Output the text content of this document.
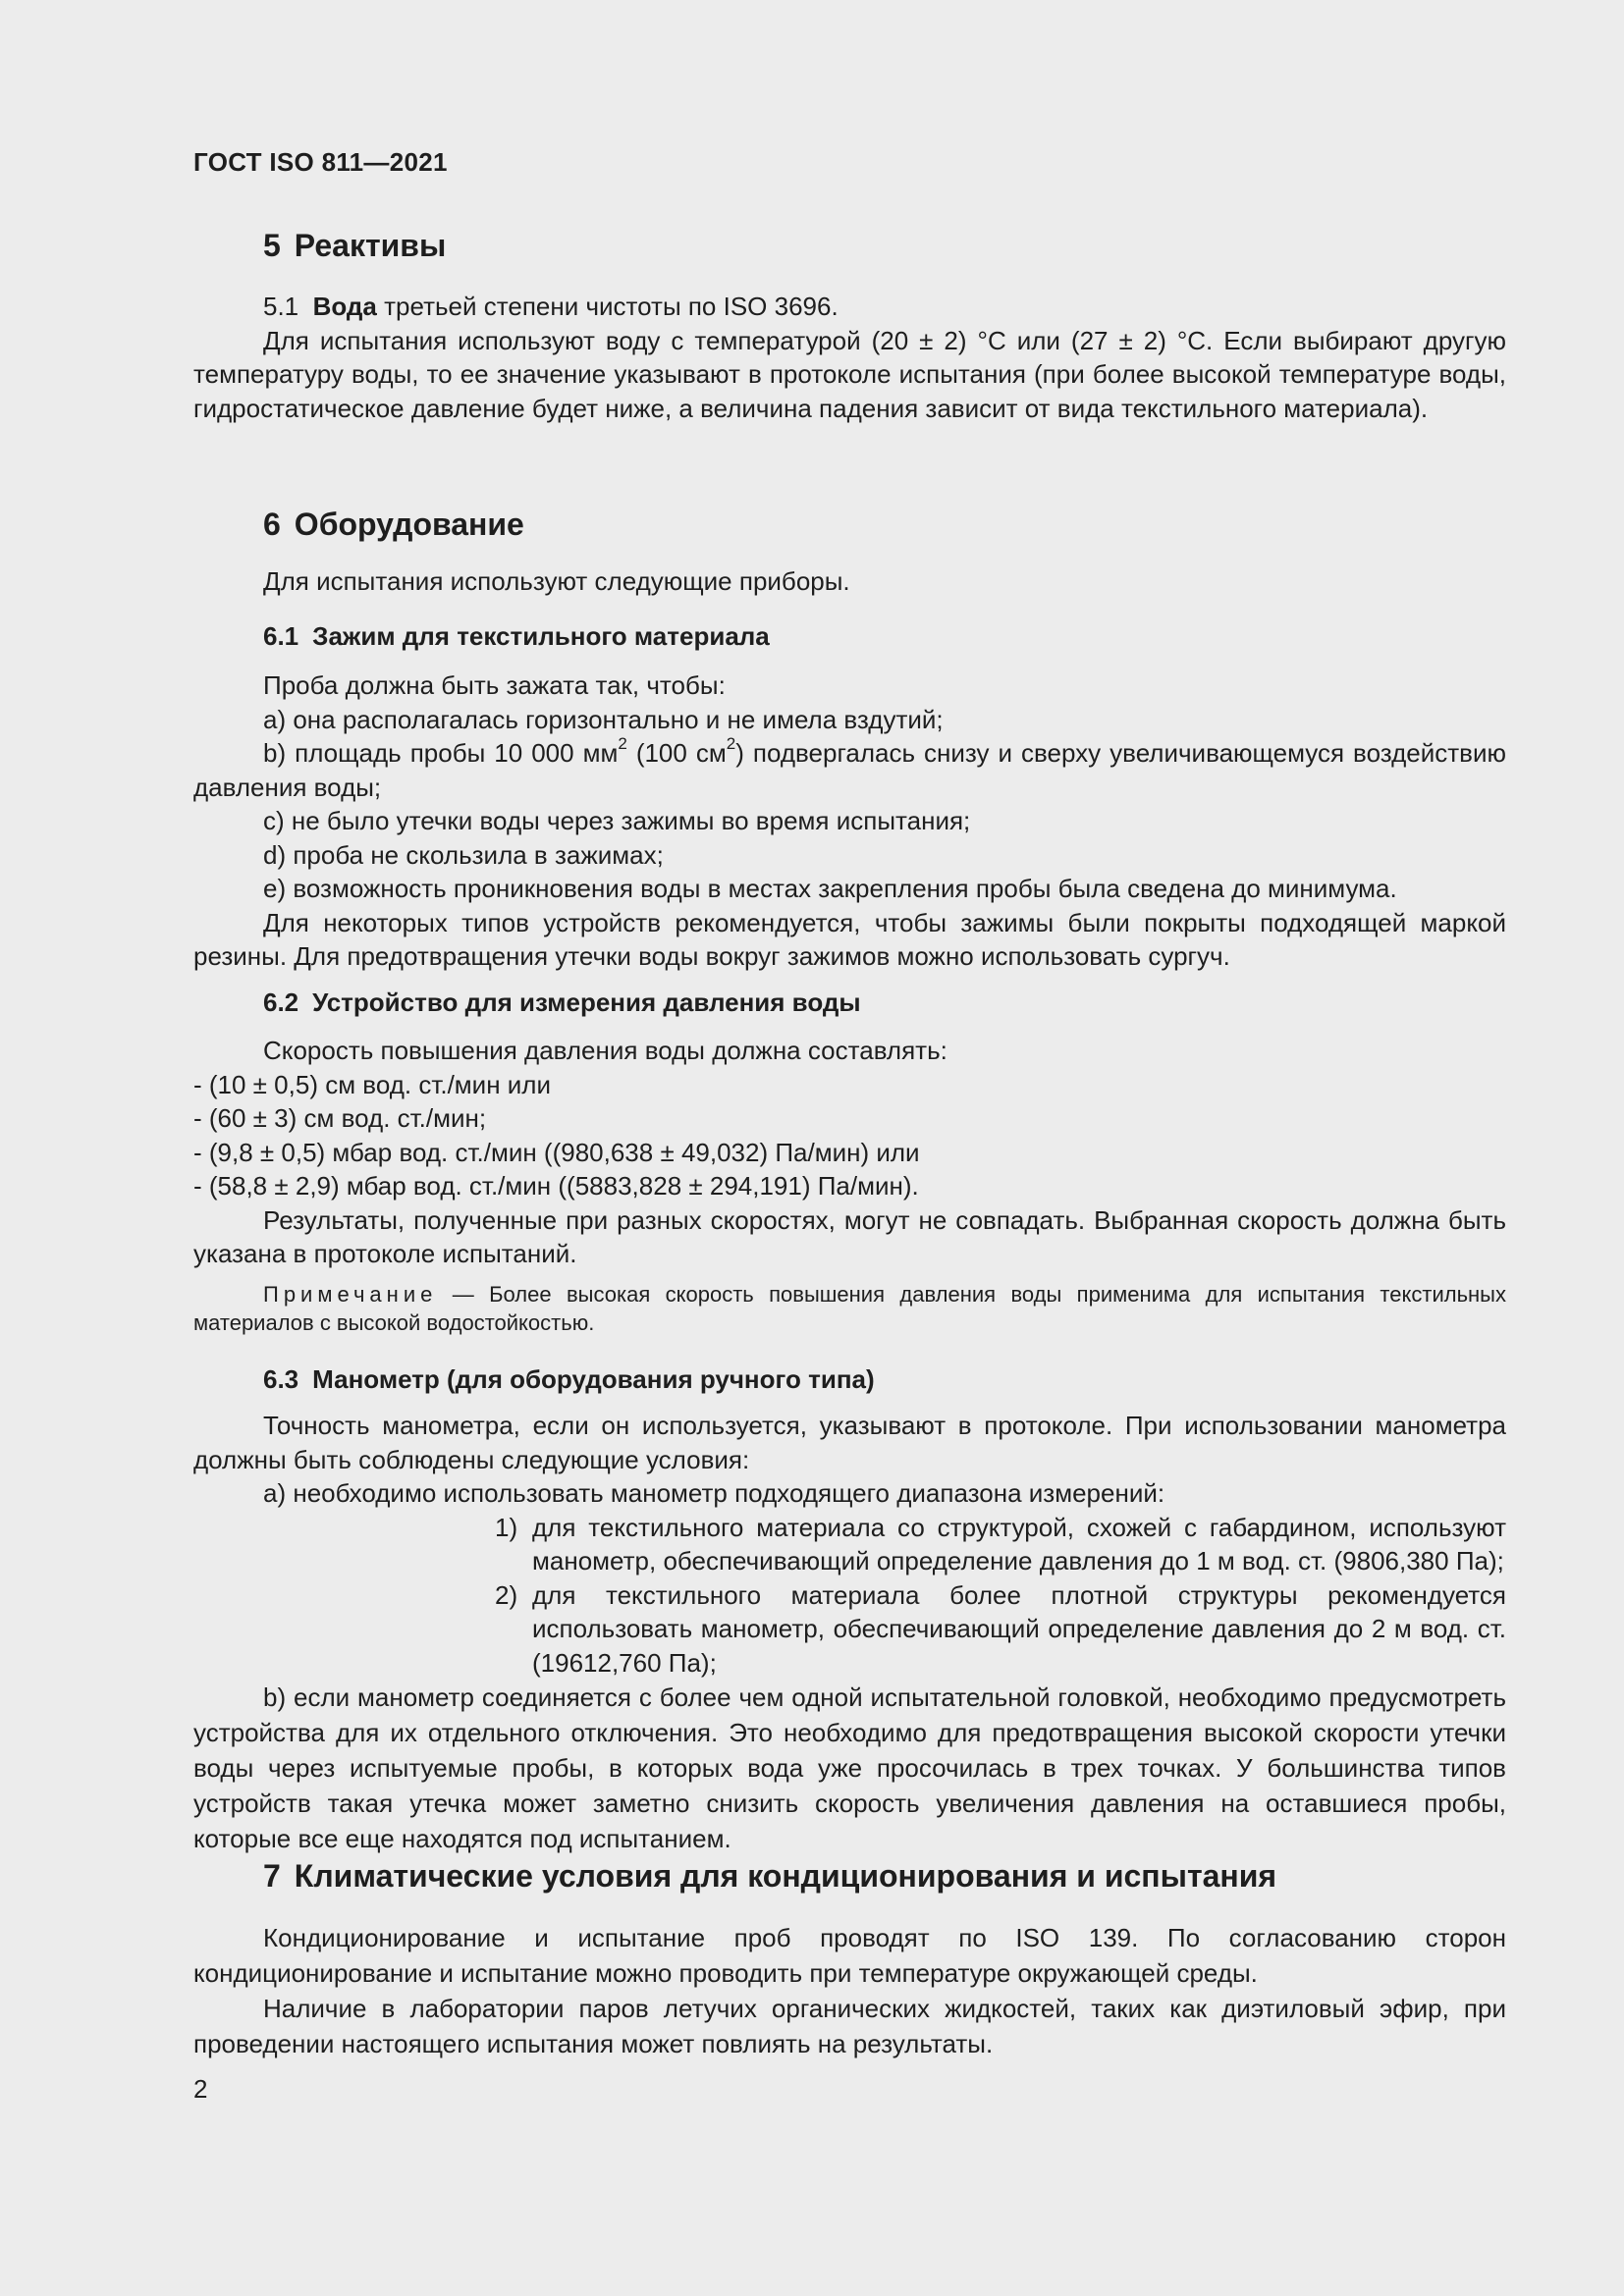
ГОСТ ISO 811—2021
5 Реактивы

5.1 Вода третьей степени чистоты по ISO 3696.

Для испытания используют воду с температурой (20 ± 2) °С или (27 ± 2) °С. Если выбирают другую температуру воды, то ее значение указывают в протоколе испытания (при более высокой температуре воды, гидростатическое давление будет ниже, а величина падения зависит от вида текстильного материала).

6 Оборудование

Для испытания используют следующие приборы.

6.1 Зажим для текстильного материала

Проба должна быть зажата так, чтобы:

a) она располагалась горизонтально и не имела вздутий;

b) площадь пробы 10 000 $мм^2$ (100 $см^2$) подвергалась снизу и сверху увеличивающемуся воздействию давления воды;

c) не было утечки воды через зажимы во время испытания;

d) проба не скользила в зажимах;

e) возможность проникновения воды в местах закрепления пробы была сведена до минимума.

Для некоторых типов устройств рекомендуется, чтобы зажимы были покрыты подходящей маркой резины. Для предотвращения утечки воды вокруг зажимов можно использовать сургуч.

6.2 Устройство для измерения давления воды

Скорость повышения давления воды должна составлять:

- (10 ± 0,5) см вод. ст./мин или

- (60 ± 3) см вод. ст./мин;

- (9,8 ± 0,5) мбар вод. ст./мин ((980,638 ± 49,032) Па/мин) или

- (58,8 ± 2,9) мбар вод. ст./мин ((5883,828 ± 294,191) Па/мин).

Результаты, полученные при разных скоростях, могут не совпадать. Выбранная скорость должна быть указана в протоколе испытаний.

Примечание — Более высокая скорость повышения давления воды применима для испытания текстильных материалов с высокой водостойкостью.

6.3 Манометр (для оборудования ручного типа)

Точность манометра, если он используется, указывают в протоколе. При использовании манометра должны быть соблюдены следующие условия:

a) необходимо использовать манометр подходящего диапазона измерений:

1) для текстильного материала со структурой, схожей с габардином, используют манометр, обеспечивающий определение давления до 1 м вод. ст. (9806,380 Па);

2) для текстильного материала более плотной структуры рекомендуется использовать манометр, обеспечивающий определение давления до 2 м вод. ст. (19612,760 Па);

b) если манометр соединяется с более чем одной испытательной головкой, необходимо предусмотреть устройства для их отдельного отключения. Это необходимо для предотвращения высокой скорости утечки воды через испытуемые пробы, в которых вода уже просочилась в трех точках. У большинства типов устройств такая утечка может заметно снизить скорость увеличения давления на оставшиеся пробы, которые все еще находятся под испытанием.

7 Климатические условия для кондиционирования и испытания

Кондиционирование и испытание проб проводят по ISO 139. По согласованию сторон кондиционирование и испытание можно проводить при температуре окружающей среды.

Наличие в лаборатории паров летучих органических жидкостей, таких как диэтиловый эфир, при проведении настоящего испытания может повлиять на результаты.

2
